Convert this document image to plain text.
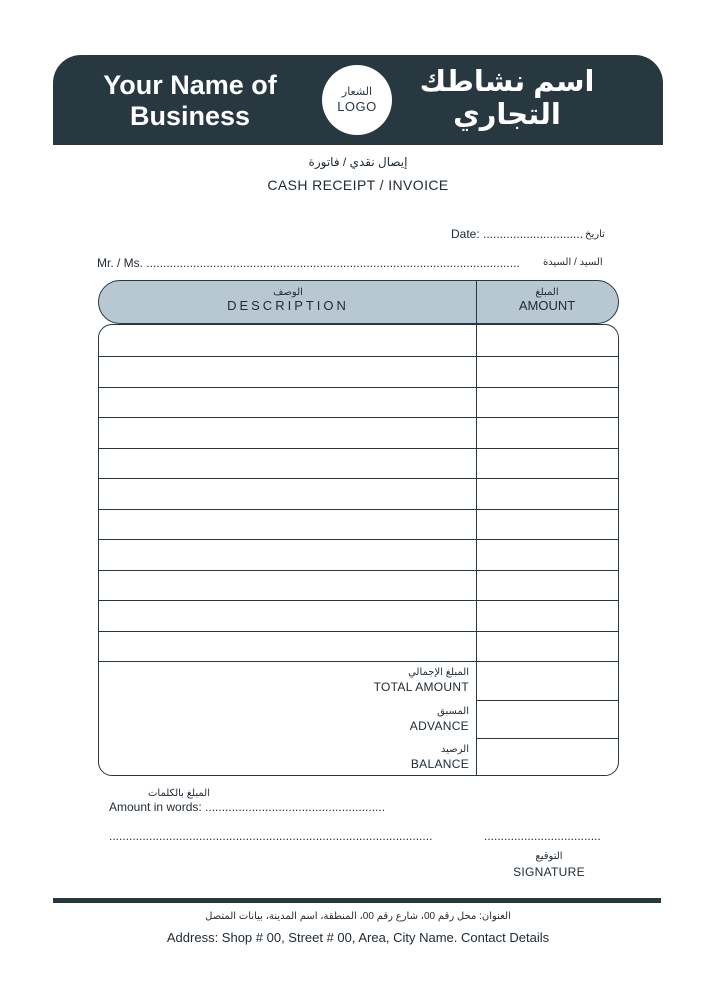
Your Name of Business
الشعار
LOGO
اسم نشاطك التجاري
إيصال نقدي / فاتورة
CASH RECEIPT / INVOICE
Date: .............................. تاريخ
Mr. / Ms. ................................................................................................................ السيد / السيدة
الوصف
DESCRIPTION
المبلغ
AMOUNT
المبلغ الإجمالي
TOTAL AMOUNT
المسبق
ADVANCE
الرصيد
BALANCE
المبلغ بالكلمات
Amount in words: ......................................................
.................................................................................................	...................................
التوقيع
SIGNATURE
العنوان: محل رقم 00، شارع رقم 00، المنطقة، اسم المدينة، بيانات المتصل
Address: Shop # 00, Street # 00, Area, City Name. Contact Details
